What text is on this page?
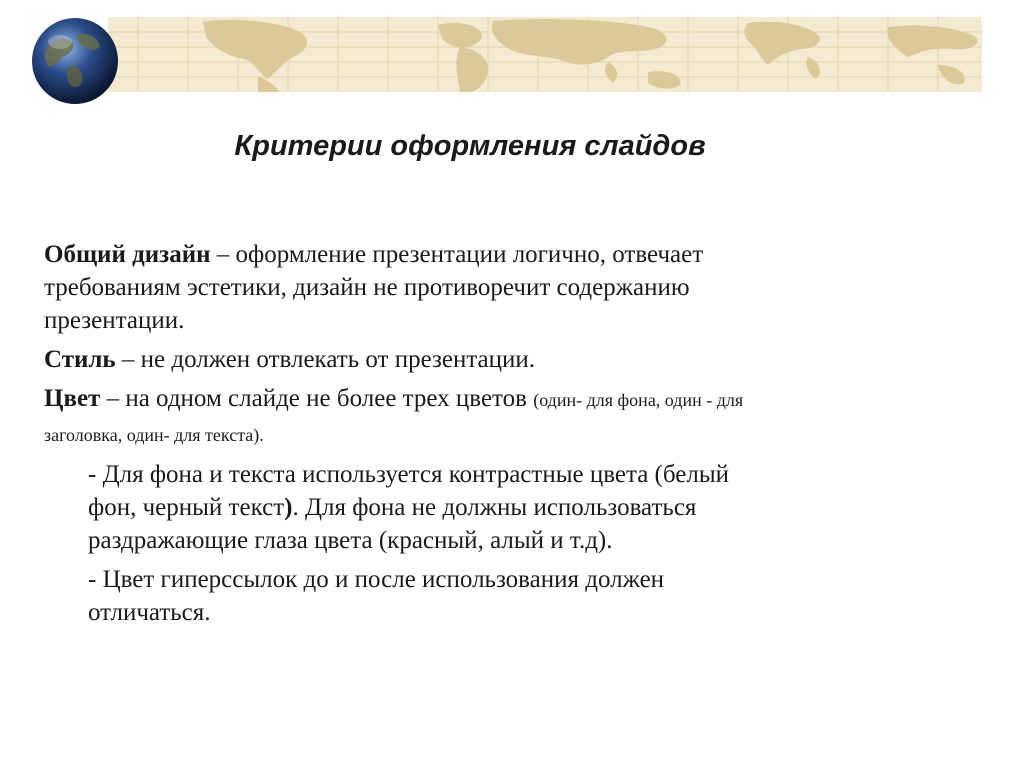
Критерии оформления слайдов

Общий дизайн – оформление презентации логично, отвечает требованиям эстетики, дизайн не противоречит содержанию презентации.

Стиль – не должен отвлекать от презентации.

Цвет – на одном слайде не более трех цветов (один- для фона, один - для заголовка, один- для текста).

- Для фона и текста используется контрастные цвета (белый фон, черный текст). Для фона не должны использоваться раздражающие глаза цвета (красный, алый и т.д).

- Цвет гиперссылок до и после использования должен отличаться.
